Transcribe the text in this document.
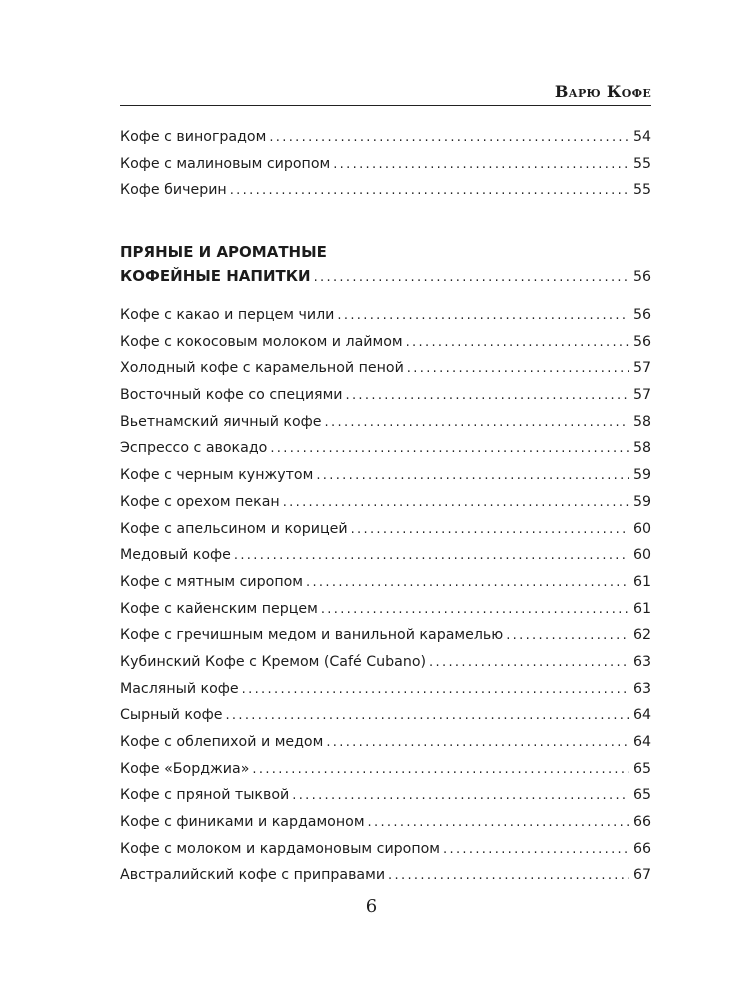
Варю Кофе
Кофе с виноградом . . .	54
Кофе с малиновым сиропом . . .	55
Кофе бичерин . . .	55
ПРЯНЫЕ И АРОМАТНЫЕ
КОФЕЙНЫЕ НАПИТКИ . . .	56
Кофе с какао и перцем чили . . .	56
Кофе с кокосовым молоком и лаймом . . .	56
Холодный кофе с карамельной пеной . . .	57
Восточный кофе со специями . . .	57
Вьетнамский яичный кофе . . .	58
Эспрессо с авокадо . . .	58
Кофе с черным кунжутом . . .	59
Кофе с орехом пекан . . .	59
Кофе с апельсином и корицей . . .	60
Медовый кофе . . .	60
Кофе с мятным сиропом . . .	61
Кофе с кайенским перцем . . .	61
Кофе с гречишным медом и ванильной карамелью . . .	62
Кубинский Кофе с Кремом (Café Cubano) . . .	63
Масляный кофе . . .	63
Сырный кофе . . .	64
Кофе с облепихой и медом . . .	64
Кофе «Борджиа» . . .	65
Кофе с пряной тыквой . . .	65
Кофе с финиками и кардамоном . . .	66
Кофе с молоком и кардамоновым сиропом . . .	66
Австралийский кофе с приправами . . .	67
6
